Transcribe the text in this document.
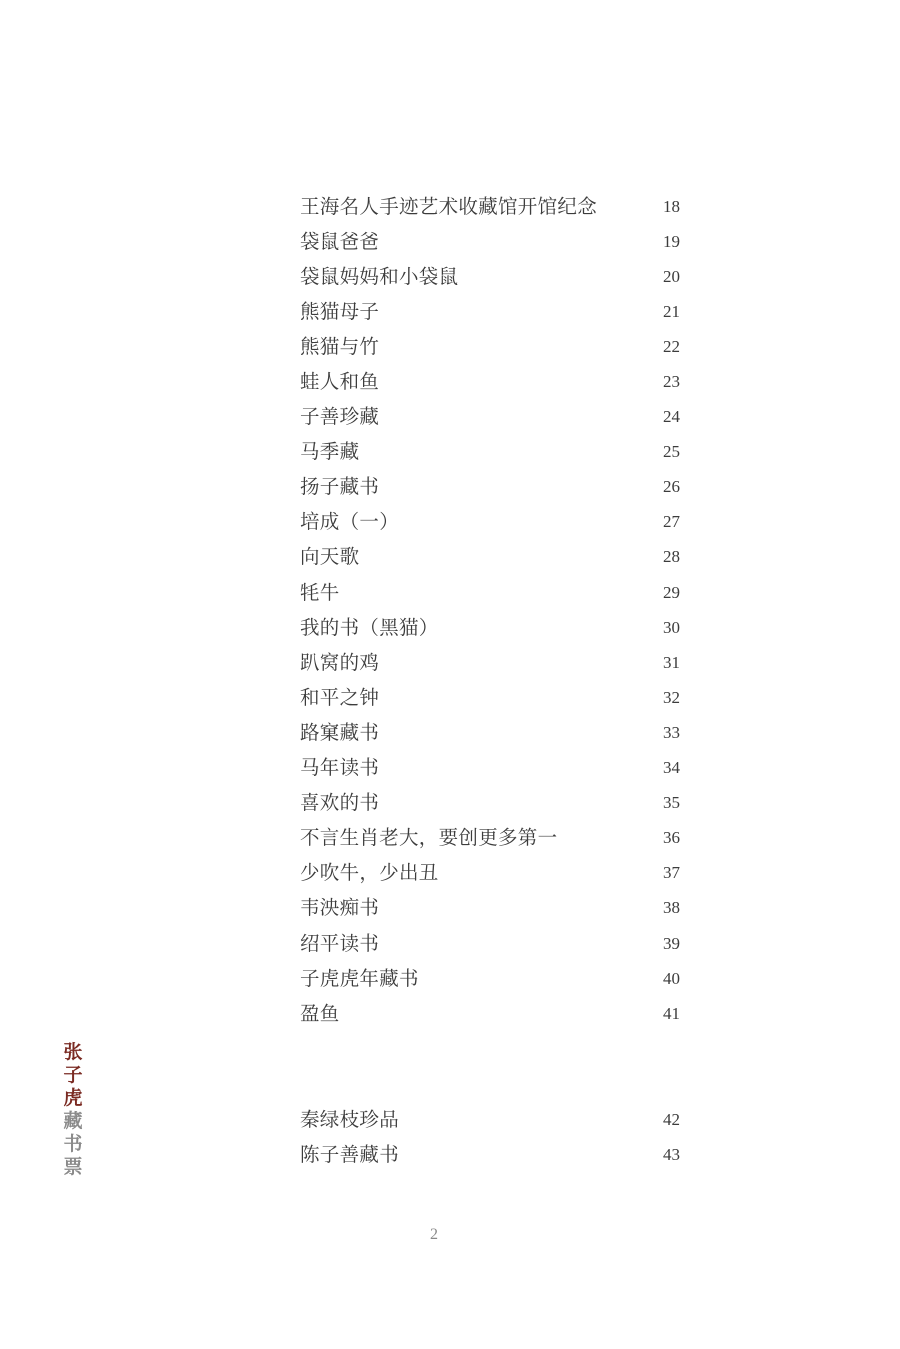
王海名人手迹艺术收藏馆开馆纪念	18
袋鼠爸爸	19
袋鼠妈妈和小袋鼠	20
熊猫母子	21
熊猫与竹	22
蛙人和鱼	23
子善珍藏	24
马季藏	25
扬子藏书	26
培成（一）	27
向天歌	28
牦牛	29
我的书（黑猫）	30
趴窝的鸡	31
和平之钟	32
路窠藏书	33
马年读书	34
喜欢的书	35
不言生肖老大，要创更多第一	36
少吹牛，少出丑	37
韦泱痴书	38
绍平读书	39
子虎虎年藏书	40
盈鱼	41
秦绿枝珍品	42
陈子善藏书	43
张
子
虎
藏
书
票
2
